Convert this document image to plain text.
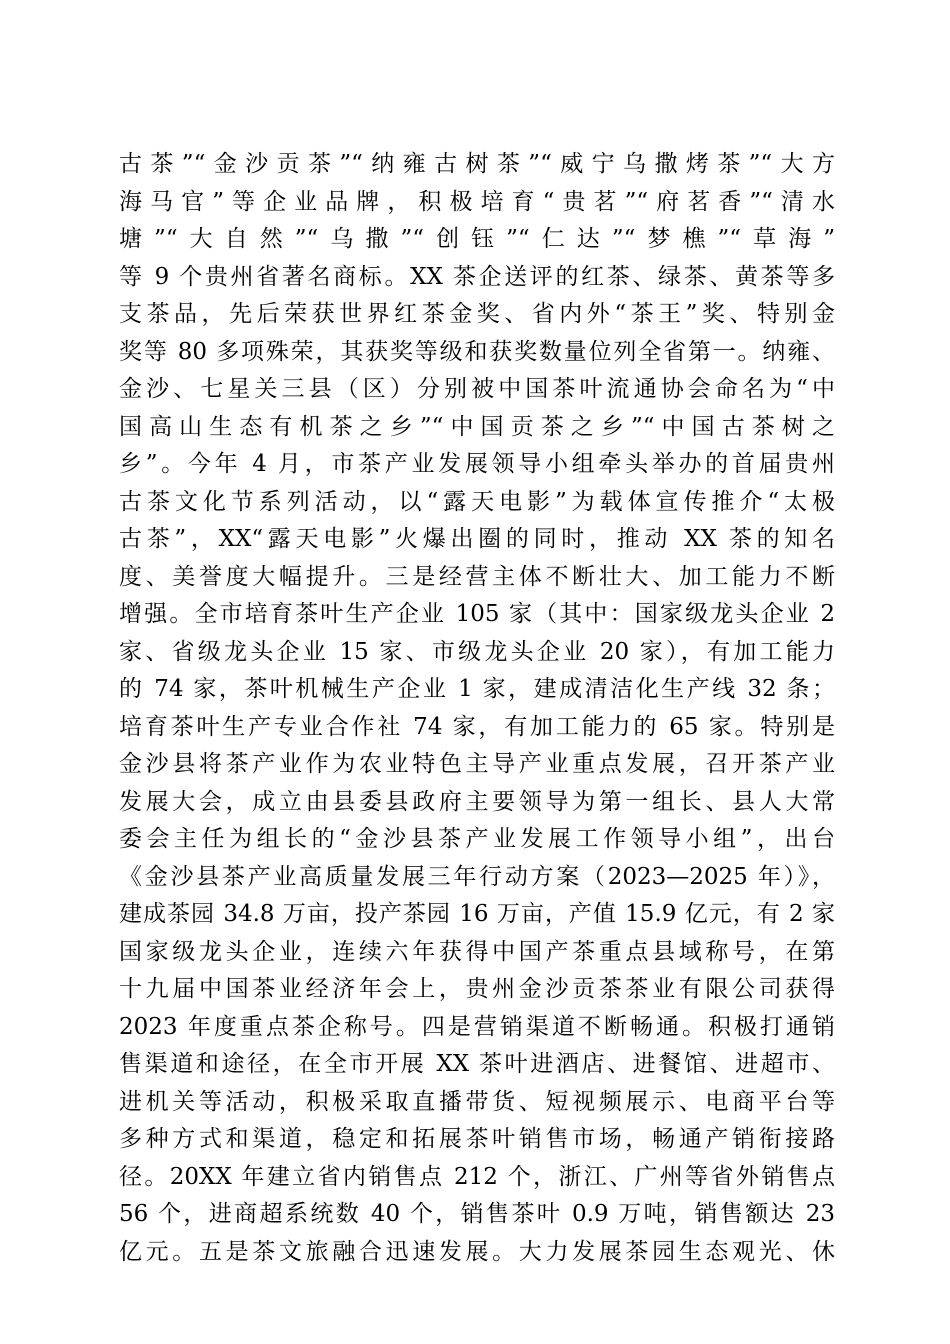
古茶”“金沙贡茶”“纳雍古树茶”“威宁乌撒烤茶”“大方
海马官”等企业品牌，积极培育“贵茗”“府茗香”“清水
塘”“大自然”“乌撒”“创钰”“仁达”“梦樵”“草海”
等 9 个贵州省著名商标。XX 茶企送评的红茶、绿茶、黄茶等多
支茶品，先后荣获世界红茶金奖、省内外“茶王”奖、特别金
奖等 80 多项殊荣，其获奖等级和获奖数量位列全省第一。纳雍、
金沙、七星关三县（区）分别被中国茶叶流通协会命名为“中
国高山生态有机茶之乡”“中国贡茶之乡”“中国古茶树之
乡”。今年 4 月，市茶产业发展领导小组牵头举办的首届贵州
古茶文化节系列活动，以“露天电影”为载体宣传推介“太极
古茶”，XX“露天电影”火爆出圈的同时，推动 XX 茶的知名
度、美誉度大幅提升。三是经营主体不断壮大、加工能力不断
增强。全市培育茶叶生产企业 105 家（其中：国家级龙头企业 2
家、省级龙头企业 15 家、市级龙头企业 20 家），有加工能力
的 74 家，茶叶机械生产企业 1 家，建成清洁化生产线 32 条；
培育茶叶生产专业合作社 74 家，有加工能力的 65 家。特别是
金沙县将茶产业作为农业特色主导产业重点发展，召开茶产业
发展大会，成立由县委县政府主要领导为第一组长、县人大常
委会主任为组长的“金沙县茶产业发展工作领导小组”，出台
《金沙县茶产业高质量发展三年行动方案（2023—2025 年）》，
建成茶园 34.8 万亩，投产茶园 16 万亩，产值 15.9 亿元，有 2 家
国家级龙头企业，连续六年获得中国产茶重点县域称号，在第
十九届中国茶业经济年会上，贵州金沙贡茶茶业有限公司获得
2023 年度重点茶企称号。四是营销渠道不断畅通。积极打通销
售渠道和途径，在全市开展 XX 茶叶进酒店、进餐馆、进超市、
进机关等活动，积极采取直播带货、短视频展示、电商平台等
多种方式和渠道，稳定和拓展茶叶销售市场，畅通产销衔接路
径。20XX 年建立省内销售点 212 个，浙江、广州等省外销售点
56 个，进商超系统数 40 个，销售茶叶 0.9 万吨，销售额达 23
亿元。五是茶文旅融合迅速发展。大力发展茶园生态观光、休
